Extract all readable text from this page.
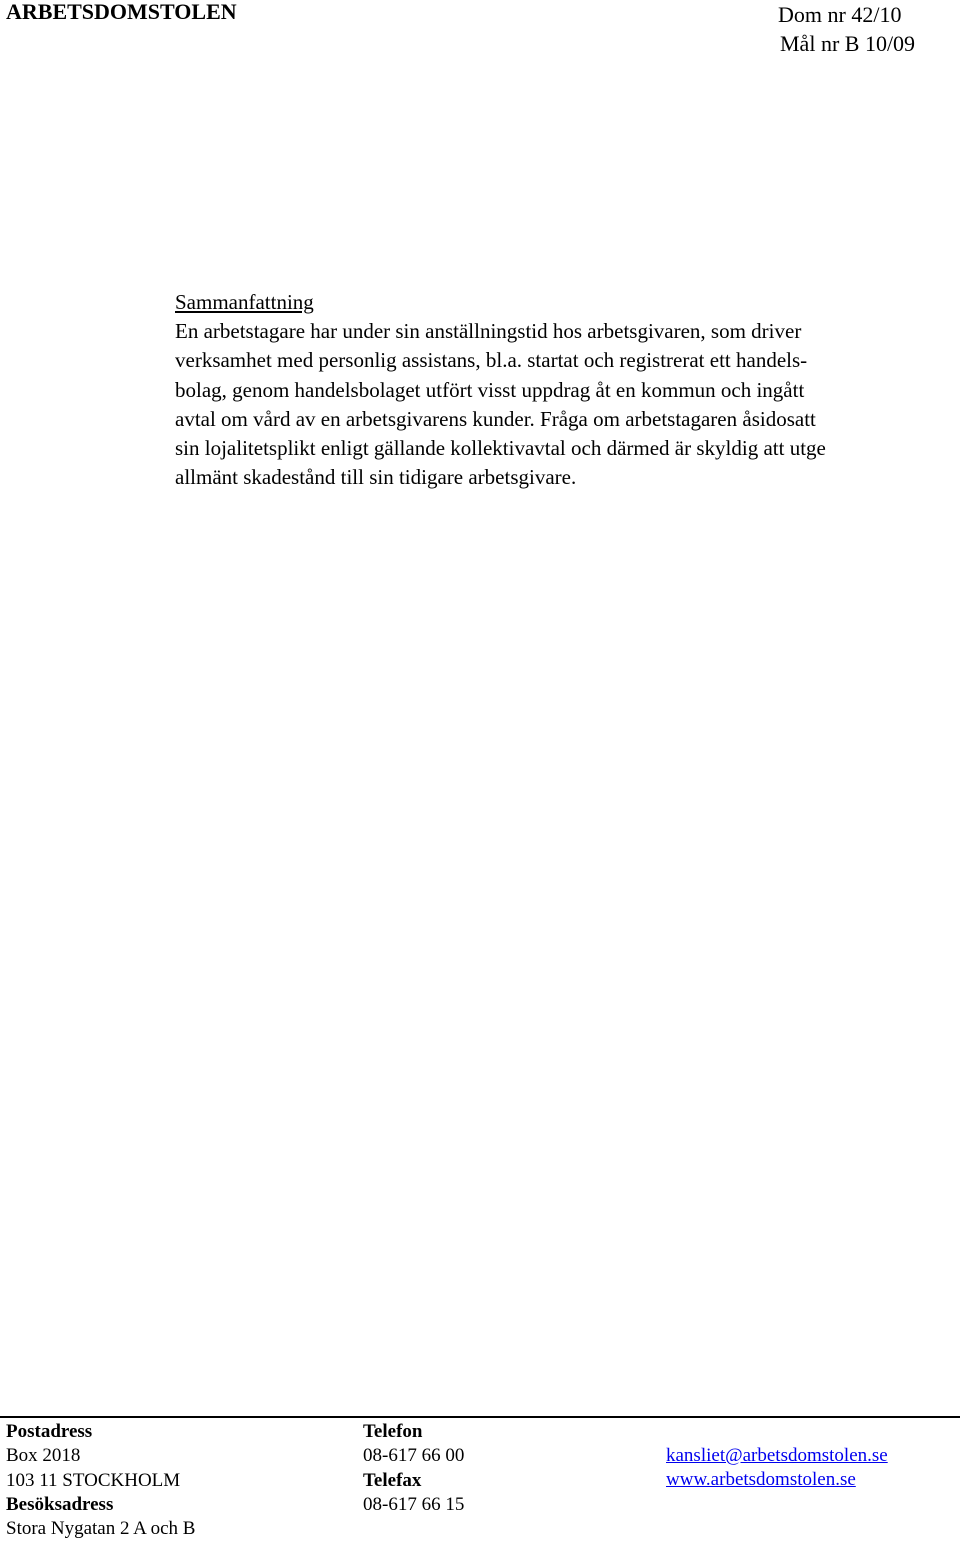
ARBETSDOMSTOLEN	Dom nr 42/10
Mål nr B 10/09
Sammanfattning
En arbetstagare har under sin anställningstid hos arbetsgivaren, som driver
verksamhet med personlig assistans, bl.a. startat och registrerat ett handels-
bolag, genom handelsbolaget utfört visst uppdrag åt en kommun och ingått
avtal om vård av en arbetsgivarens kunder. Fråga om arbetstagaren åsidosatt
sin lojalitetsplikt enligt gällande kollektivavtal och därmed är skyldig att utge
allmänt skadestånd till sin tidigare arbetsgivare.
Postadress
Box 2018
103 11 STOCKHOLM
Besöksadress
Stora Nygatan 2 A och B
Telefon
08-617 66 00
Telefax
08-617 66 15
kansliet@arbetsdomstolen.se
www.arbetsdomstolen.se
